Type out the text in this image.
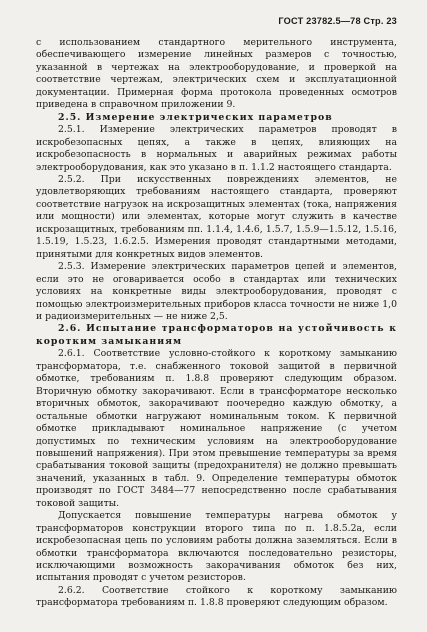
ГОСТ 23782.5—78 Стр. 23

с использованием стандартного мерительного инструмента, обеспечивающего измерение линейных размеров с точностью, указанной в чертежах на электрооборудование, и проверкой на соответствие чертежам, электрических схем и эксплуатационной документации. Примерная форма протокола проведенных осмотров приведена в справочном приложении 9.

2.5. Измерение электрических параметров

2.5.1. Измерение электрических параметров проводят в искробезопасных цепях, а также в цепях, влияющих на искробезопасность в нормальных и аварийных режимах работы электрооборудования, как это указано в п. 1.1.2 настоящего стандарта.

2.5.2. При искусственных повреждениях элементов, не удовлетворяющих требованиям настоящего стандарта, проверяют соответствие нагрузок на искрозащитных элементах (тока, напряжения или мощности) или элементах, которые могут служить в качестве искрозащитных, требованиям пп. 1.1.4, 1.4.6, 1.5.7, 1.5.9—1.5.12, 1.5.16, 1.5.19, 1.5.23, 1.6.2.5. Измерения проводят стандартными методами, принятыми для конкретных видов элементов.

2.5.3. Измерение электрических параметров цепей и элементов, если это не оговаривается особо в стандартах или технических условиях на конкретные виды электрооборудования, проводят с помощью электроизмерительных приборов класса точности не ниже 1,0 и радиоизмерительных — не ниже 2,5.

2.6. Испытание трансформаторов на устойчивость к коротким замыканиям

2.6.1. Соответствие условно-стойкого к короткому замыканию трансформатора, т.е. снабженного токовой защитой в первичной обмотке, требованиям п. 1.8.8 проверяют следующим образом. Вторичную обмотку закорачивают. Если в трансформаторе несколько вторичных обмоток, закорачивают поочередно каждую обмотку, а остальные обмотки нагружают номинальным током. К первичной обмотке прикладывают номинальное напряжение (с учетом допустимых по техническим условиям на электрооборудование повышений напряжения). При этом превышение температуры за время срабатывания токовой защиты (предохранителя) не должно превышать значений, указанных в табл. 9. Определение температуры обмоток производят по ГОСТ 3484—77 непосредственно после срабатывания токовой защиты.

Допускается повышение температуры нагрева обмоток у трансформаторов конструкции второго типа по п. 1.8.5.2а, если искробезопасная цепь по условиям работы должна заземляться. Если в обмотки трансформатора включаются последовательно резисторы, исключающими возможность закорачивания обмоток без них, испытания проводят с учетом резисторов.

2.6.2. Соответствие стойкого к короткому замыканию трансформатора требованиям п. 1.8.8 проверяют следующим образом.
